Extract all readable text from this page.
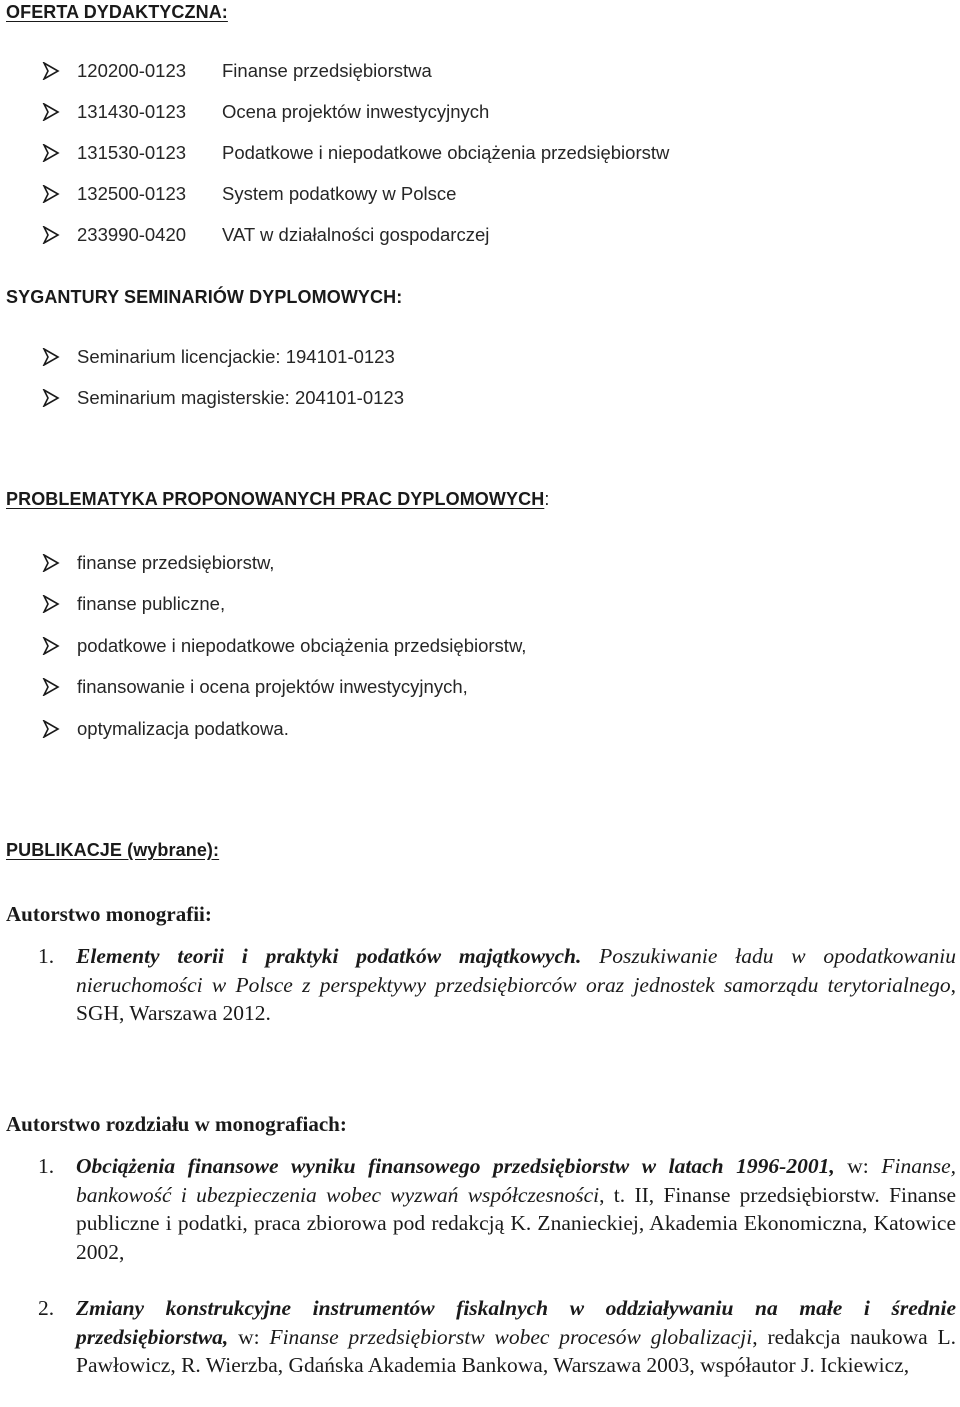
OFERTA DYDAKTYCZNA:
120200-0123	Finanse przedsiębiorstwa
131430-0123	Ocena projektów inwestycyjnych
131530-0123	Podatkowe i niepodatkowe obciążenia przedsiębiorstw
132500-0123	System podatkowy w Polsce
233990-0420	VAT w działalności gospodarczej
SYGANTURY SEMINARIÓW DYPLOMOWYCH:
Seminarium licencjackie: 194101-0123
Seminarium magisterskie: 204101-0123
PROBLEMATYKA PROPONOWANYCH PRAC DYPLOMOWYCH:
finanse przedsiębiorstw,
finanse publiczne,
podatkowe i niepodatkowe obciążenia przedsiębiorstw,
finansowanie i ocena projektów inwestycyjnych,
optymalizacja podatkowa.
PUBLIKACJE (wybrane):
Autorstwo monografii:
1.	Elementy teorii i praktyki podatków majątkowych. Poszukiwanie ładu w opodatkowaniu nieruchomości w Polsce z perspektywy przedsiębiorców oraz jednostek samorządu terytorialnego, SGH, Warszawa 2012.
Autorstwo rozdziału w monografiach:
1.	Obciążenia finansowe wyniku finansowego przedsiębiorstw w latach 1996-2001, w: Finanse, bankowość i ubezpieczenia wobec wyzwań współczesności, t. II, Finanse przedsiębiorstw. Finanse publiczne i podatki, praca zbiorowa pod redakcją K. Znanieckiej, Akademia Ekonomiczna, Katowice 2002,
2.	Zmiany konstrukcyjne instrumentów fiskalnych w oddziaływaniu na małe i średnie przedsiębiorstwa, w: Finanse przedsiębiorstw wobec procesów globalizacji, redakcja naukowa L. Pawłowicz, R. Wierzba, Gdańska Akademia Bankowa, Warszawa 2003, współautor J. Ickiewicz,
